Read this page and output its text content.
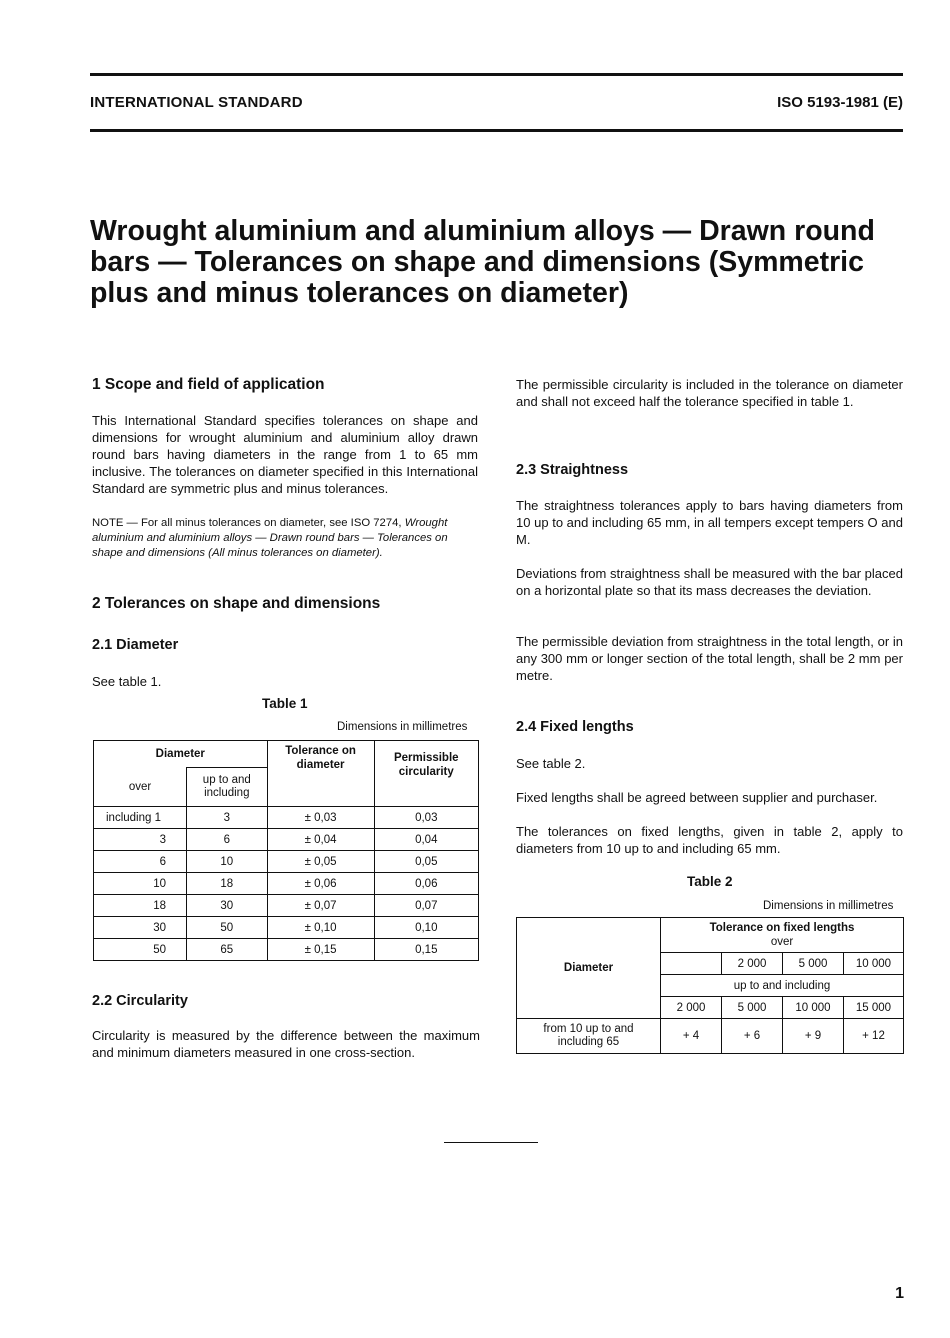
INTERNATIONAL STANDARD	ISO 5193-1981 (E)
Wrought aluminium and aluminium alloys — Drawn round bars — Tolerances on shape and dimensions (Symmetric plus and minus tolerances on diameter)
1 Scope and field of application
This International Standard specifies tolerances on shape and dimensions for wrought aluminium and aluminium alloy drawn round bars having diameters in the range from 1 to 65 mm inclusive. The tolerances on diameter specified in this International Standard are symmetric plus and minus tolerances.
NOTE — For all minus tolerances on diameter, see ISO 7274, Wrought aluminium and aluminium alloys — Drawn round bars — Tolerances on shape and dimensions (All minus tolerances on diameter).
2 Tolerances on shape and dimensions
2.1 Diameter
See table 1.
Table 1
Dimensions in millimetres
Diameter		Tolerance on diameter	Permissible circularity
over	up to and including		
including 1	3	± 0,03	0,03
3	6	± 0,04	0,04
6	10	± 0,05	0,05
10	18	± 0,06	0,06
18	30	± 0,07	0,07
30	50	± 0,10	0,10
50	65	± 0,15	0,15
2.2 Circularity
Circularity is measured by the difference between the maximum and minimum diameters measured in one cross-section.
The permissible circularity is included in the tolerance on diameter and shall not exceed half the tolerance specified in table 1.
2.3 Straightness
The straightness tolerances apply to bars having diameters from 10 up to and including 65 mm, in all tempers except tempers O and M.
Deviations from straightness shall be measured with the bar placed on a horizontal plate so that its mass decreases the deviation.
The permissible deviation from straightness in the total length, or in any 300 mm or longer section of the total length, shall be 2 mm per metre.
2.4 Fixed lengths
See table 2.
Fixed lengths shall be agreed between supplier and purchaser.
The tolerances on fixed lengths, given in table 2, apply to diameters from 10 up to and including 65 mm.
Table 2
Dimensions in millimetres
Diameter	Tolerance on fixed lengths
over			

		2 000	5 000	10 000
	up to and including			
	2 000	5 000	10 000	15 000
from 10 up to and including 65	+ 4	+ 6	+ 9	+ 12
1
